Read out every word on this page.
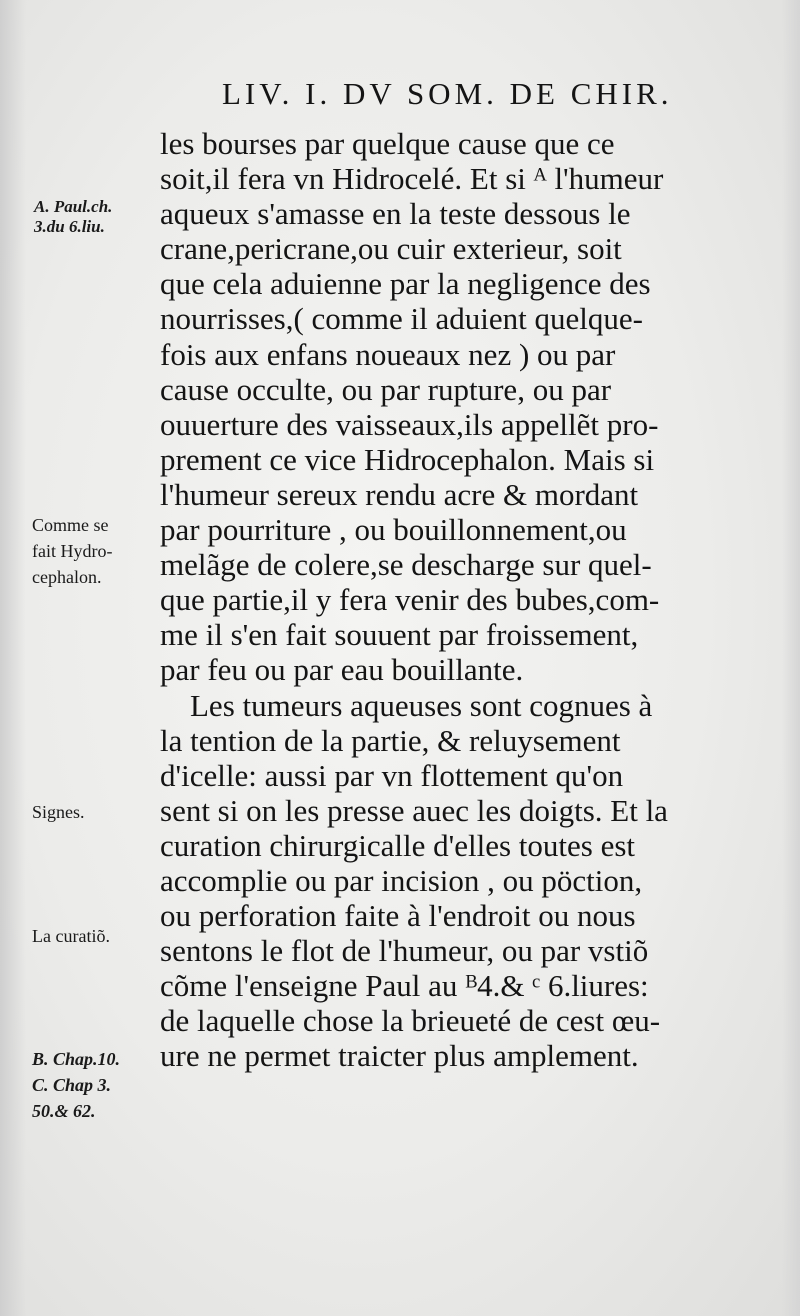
LIV. I. DV SOM. DE CHIR.
les bourses par quelque cause que ce
soit,il fera vn Hidrocelé. Et si ᴬ l'humeur
aqueux s'amasse en la teste dessous le
crane,pericrane,ou cuir exterieur, soit
que cela aduienne par la negligence des
nourrisses,( comme il aduient quelque-
fois aux enfans noueaux nez ) ou par
cause occulte, ou par rupture, ou par
ouuerture des vaisseaux,ils appellẽt pro-
prement ce vice Hidrocephalon. Mais si
l'humeur sereux rendu acre & mordant
par pourriture , ou bouillonnement,ou
melãge de colere,se descharge sur quel-
que partie,il y fera venir des bubes,com-
me il s'en fait souuent par froissement,
par feu ou par eau bouillante.
Les tumeurs aqueuses sont cognues à
la tention de la partie, & reluysement
d'icelle: aussi par vn flottement qu'on
sent si on les presse auec les doigts. Et la
curation chirurgicalle d'elles toutes est
accomplie ou par incision , ou pöction,
ou perforation faite à l'endroit ou nous
sentons le flot de l'humeur, ou par vstiõ
cõme l'enseigne Paul au ᴮ4.& ᶜ 6.liures:
de laquelle chose la brieueté de cest œu-
ure ne permet traicter plus amplement.
A. Paul.ch.
3.du 6.liu.
Comme se
fait Hydro-
cephalon.
Signes.
La curatiõ.
B. Chap.10.
C. Chap 3.
50.& 62.
